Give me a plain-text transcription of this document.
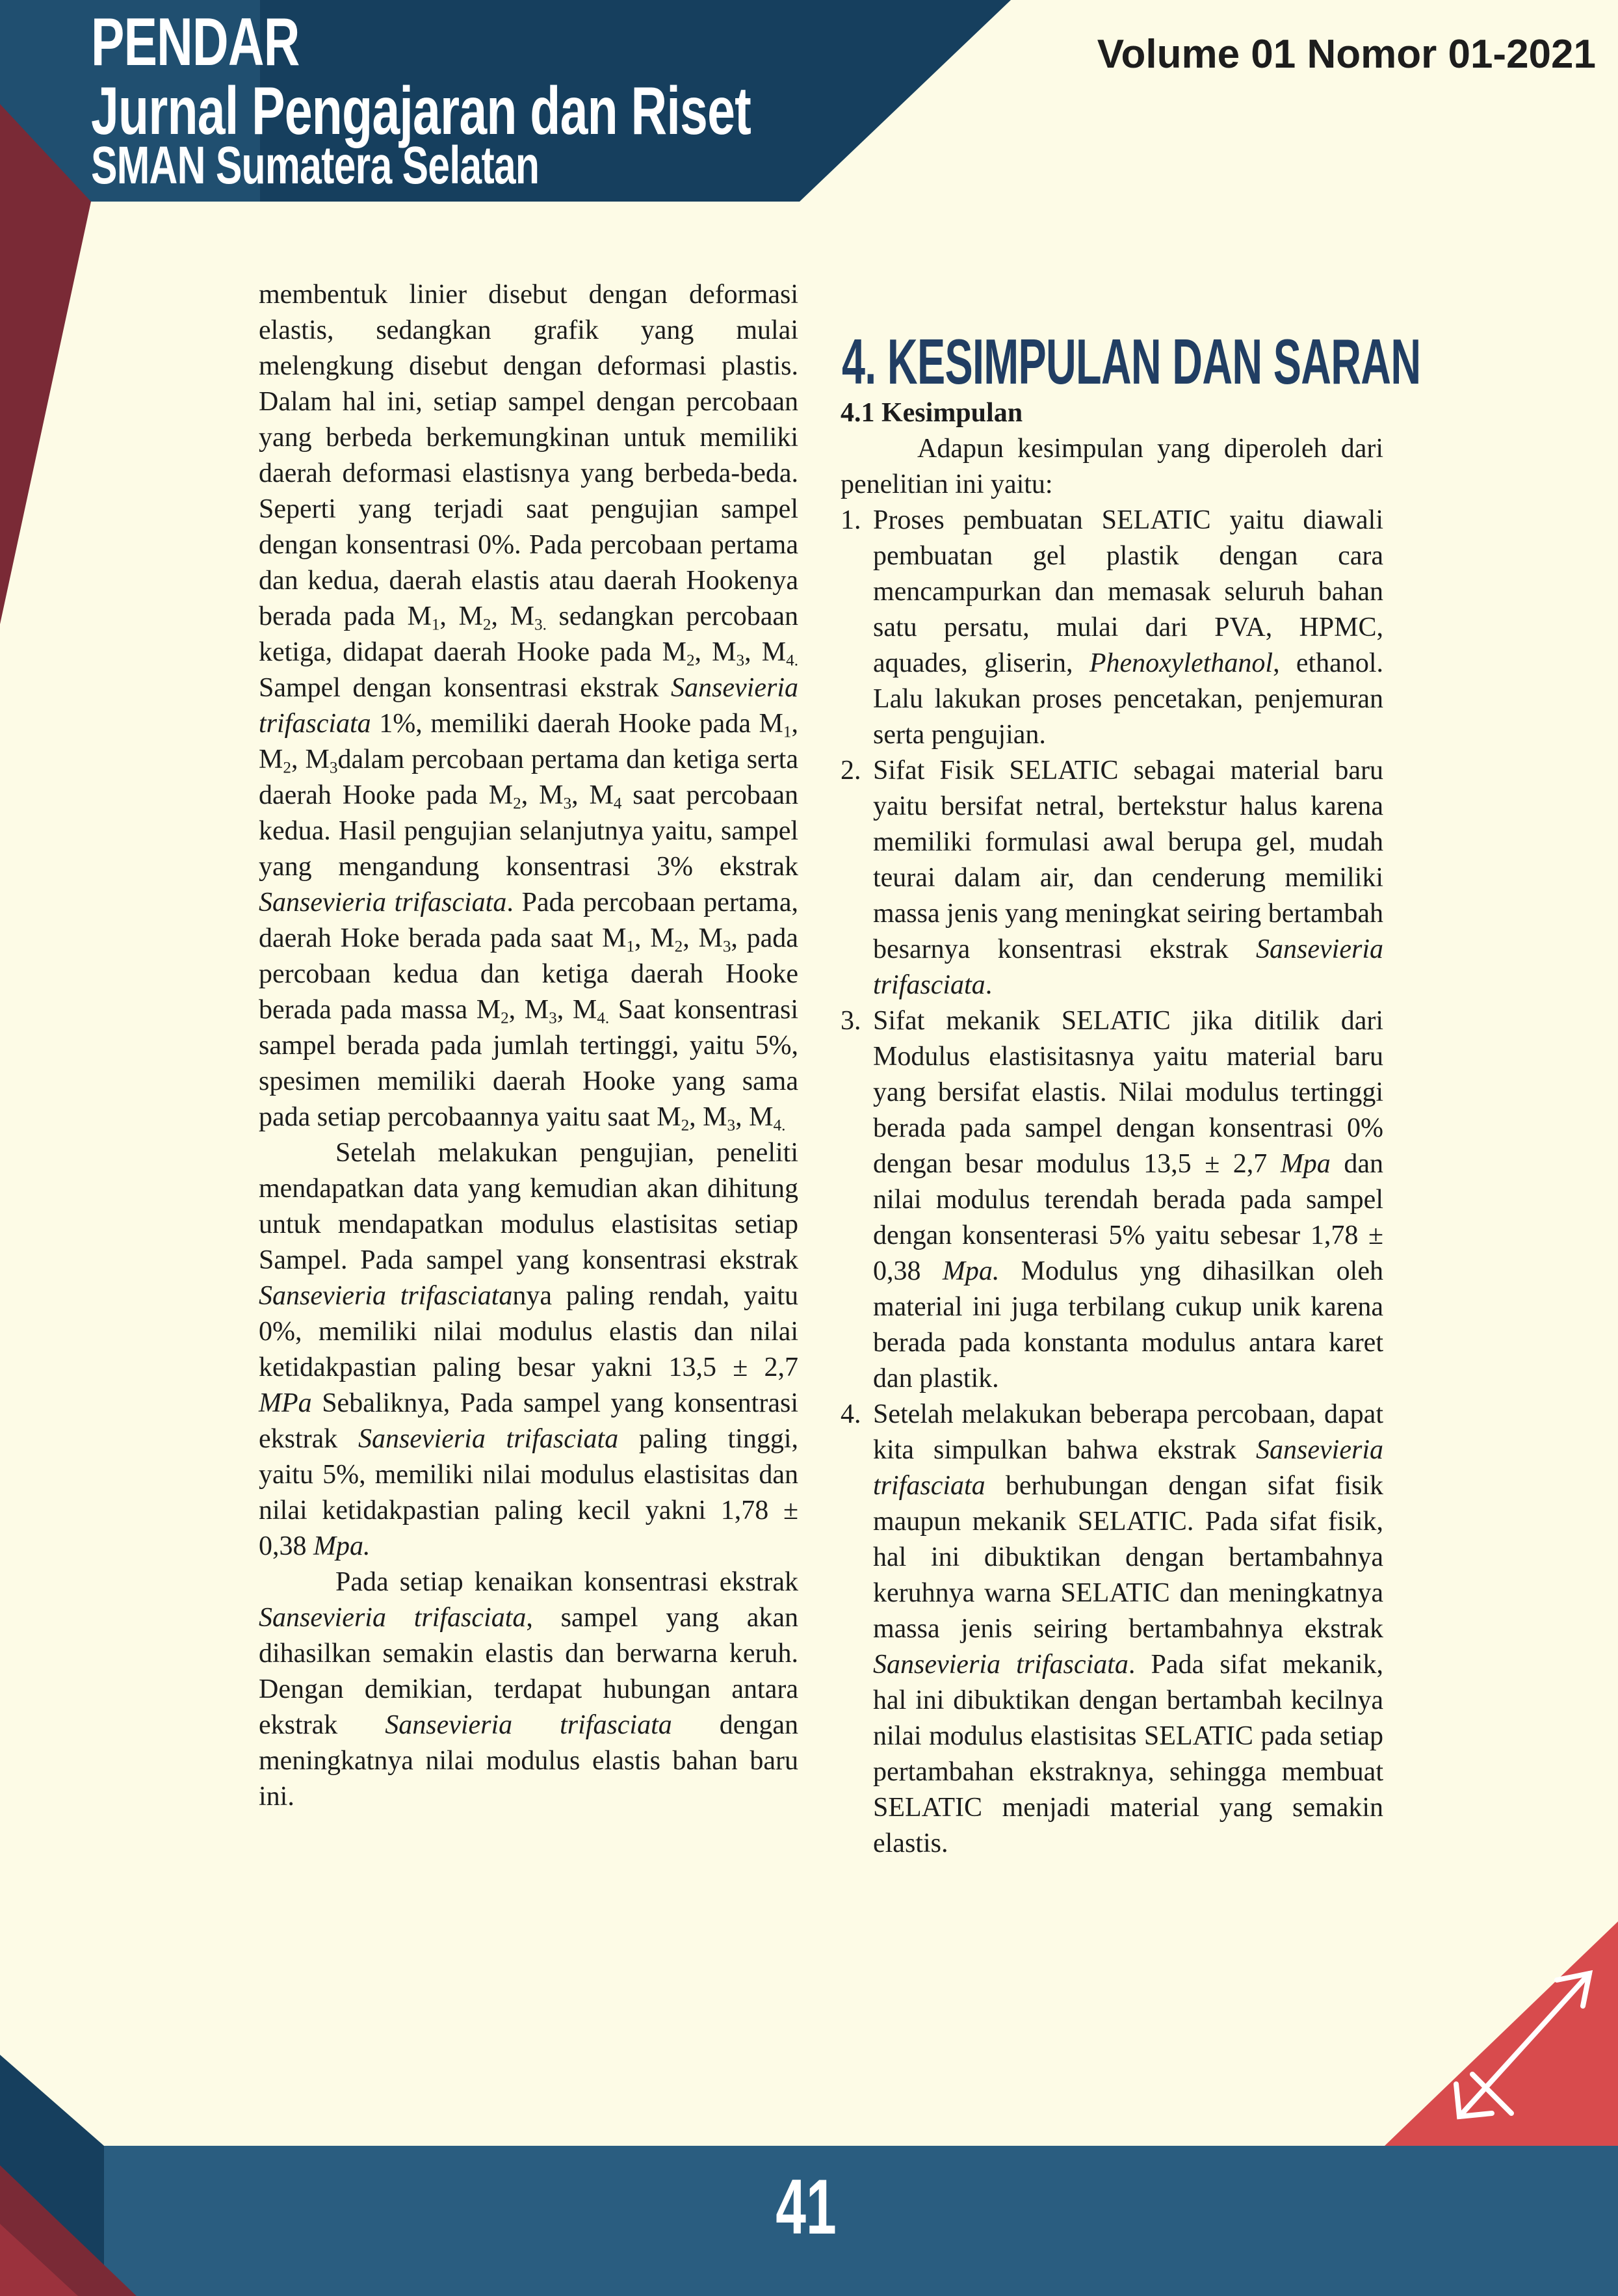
PENDAR
Jurnal Pengajaran dan Riset
SMAN Sumatera Selatan
Volume 01 Nomor 01-2021

membentuk linier disebut dengan deformasi elastis, sedangkan grafik yang mulai melengkung disebut dengan deformasi plastis. Dalam hal ini, setiap sampel dengan percobaan yang berbeda berkemungkinan untuk memiliki daerah deformasi elastisnya yang berbeda-beda. Seperti yang terjadi saat pengujian sampel dengan konsentrasi 0%. Pada percobaan pertama dan kedua, daerah elastis atau daerah Hookenya berada pada $M_1$, $M_2$, $M_{3.}$ sedangkan percobaan ketiga, didapat daerah Hooke pada $M_2$, $M_3$, $M_{4.}$ Sampel dengan konsentrasi ekstrak Sansevieria trifasciata 1%, memiliki daerah Hooke pada $M_1$, $M_2$, $M_3dalam$ percobaan pertama dan ketiga serta daerah Hooke pada $M_2$, $M_3$, $M_4$ saat percobaan kedua. Hasil pengujian selanjutnya yaitu, sampel yang mengandung konsentrasi 3% ekstrak Sansevieria trifasciata. Pada percobaan pertama, daerah Hoke berada pada saat $M_1$, $M_2$, $M_3$, pada percobaan kedua dan ketiga daerah Hooke berada pada massa $M_2$, $M_3$, $M_{4.}$ Saat konsentrasi sampel berada pada jumlah tertinggi, yaitu 5%, spesimen memiliki daerah Hooke yang sama pada setiap percobaannya yaitu saat $M_2$, $M_3$, $M_{4.}$

Setelah melakukan pengujian, peneliti mendapatkan data yang kemudian akan dihitung untuk mendapatkan modulus elastisitas setiap Sampel. Pada sampel yang konsentrasi ekstrak Sansevieria trifasciatanya paling rendah, yaitu 0%, memiliki nilai modulus elastis dan nilai ketidakpastian paling besar yakni 13,5 ± 2,7 MPa Sebaliknya, Pada sampel yang konsentrasi ekstrak Sansevieria trifasciata paling tinggi, yaitu 5%, memiliki nilai modulus elastisitas dan nilai ketidakpastian paling kecil yakni 1,78 ± 0,38 Mpa.

Pada setiap kenaikan konsentrasi ekstrak Sansevieria trifasciata, sampel yang akan dihasilkan semakin elastis dan berwarna keruh. Dengan demikian, terdapat hubungan antara ekstrak Sansevieria trifasciata dengan meningkatnya nilai modulus elastis bahan baru ini.

4. KESIMPULAN DAN SARAN

4.1 Kesimpulan

Adapun kesimpulan yang diperoleh dari penelitian ini yaitu:

1. Proses pembuatan SELATIC yaitu diawali pembuatan gel plastik dengan cara mencampurkan dan memasak seluruh bahan satu persatu, mulai dari PVA, HPMC, aquades, gliserin, Phenoxylethanol, ethanol. Lalu lakukan proses pencetakan, penjemuran serta pengujian.
2. Sifat Fisik SELATIC sebagai material baru yaitu bersifat netral, bertekstur halus karena memiliki formulasi awal berupa gel, mudah teurai dalam air, dan cenderung memiliki massa jenis yang meningkat seiring bertambah besarnya konsentrasi ekstrak Sansevieria trifasciata.
3. Sifat mekanik SELATIC jika ditilik dari Modulus elastisitasnya yaitu material baru yang bersifat elastis. Nilai modulus tertinggi berada pada sampel dengan konsentrasi 0% dengan besar modulus 13,5 ± 2,7 Mpa dan nilai modulus terendah berada pada sampel dengan konsenterasi 5% yaitu sebesar 1,78 ± 0,38 Mpa. Modulus yng dihasilkan oleh material ini juga terbilang cukup unik karena berada pada konstanta modulus antara karet dan plastik.
4. Setelah melakukan beberapa percobaan, dapat kita simpulkan bahwa ekstrak Sansevieria trifasciata berhubungan dengan sifat fisik maupun mekanik SELATIC. Pada sifat fisik, hal ini dibuktikan dengan bertambahnya keruhnya warna SELATIC dan meningkatnya massa jenis seiring bertambahnya ekstrak Sansevieria trifasciata. Pada sifat mekanik, hal ini dibuktikan dengan bertambah kecilnya nilai modulus elastisitas SELATIC pada setiap pertambahan ekstraknya, sehingga membuat SELATIC menjadi material yang semakin elastis.
41
